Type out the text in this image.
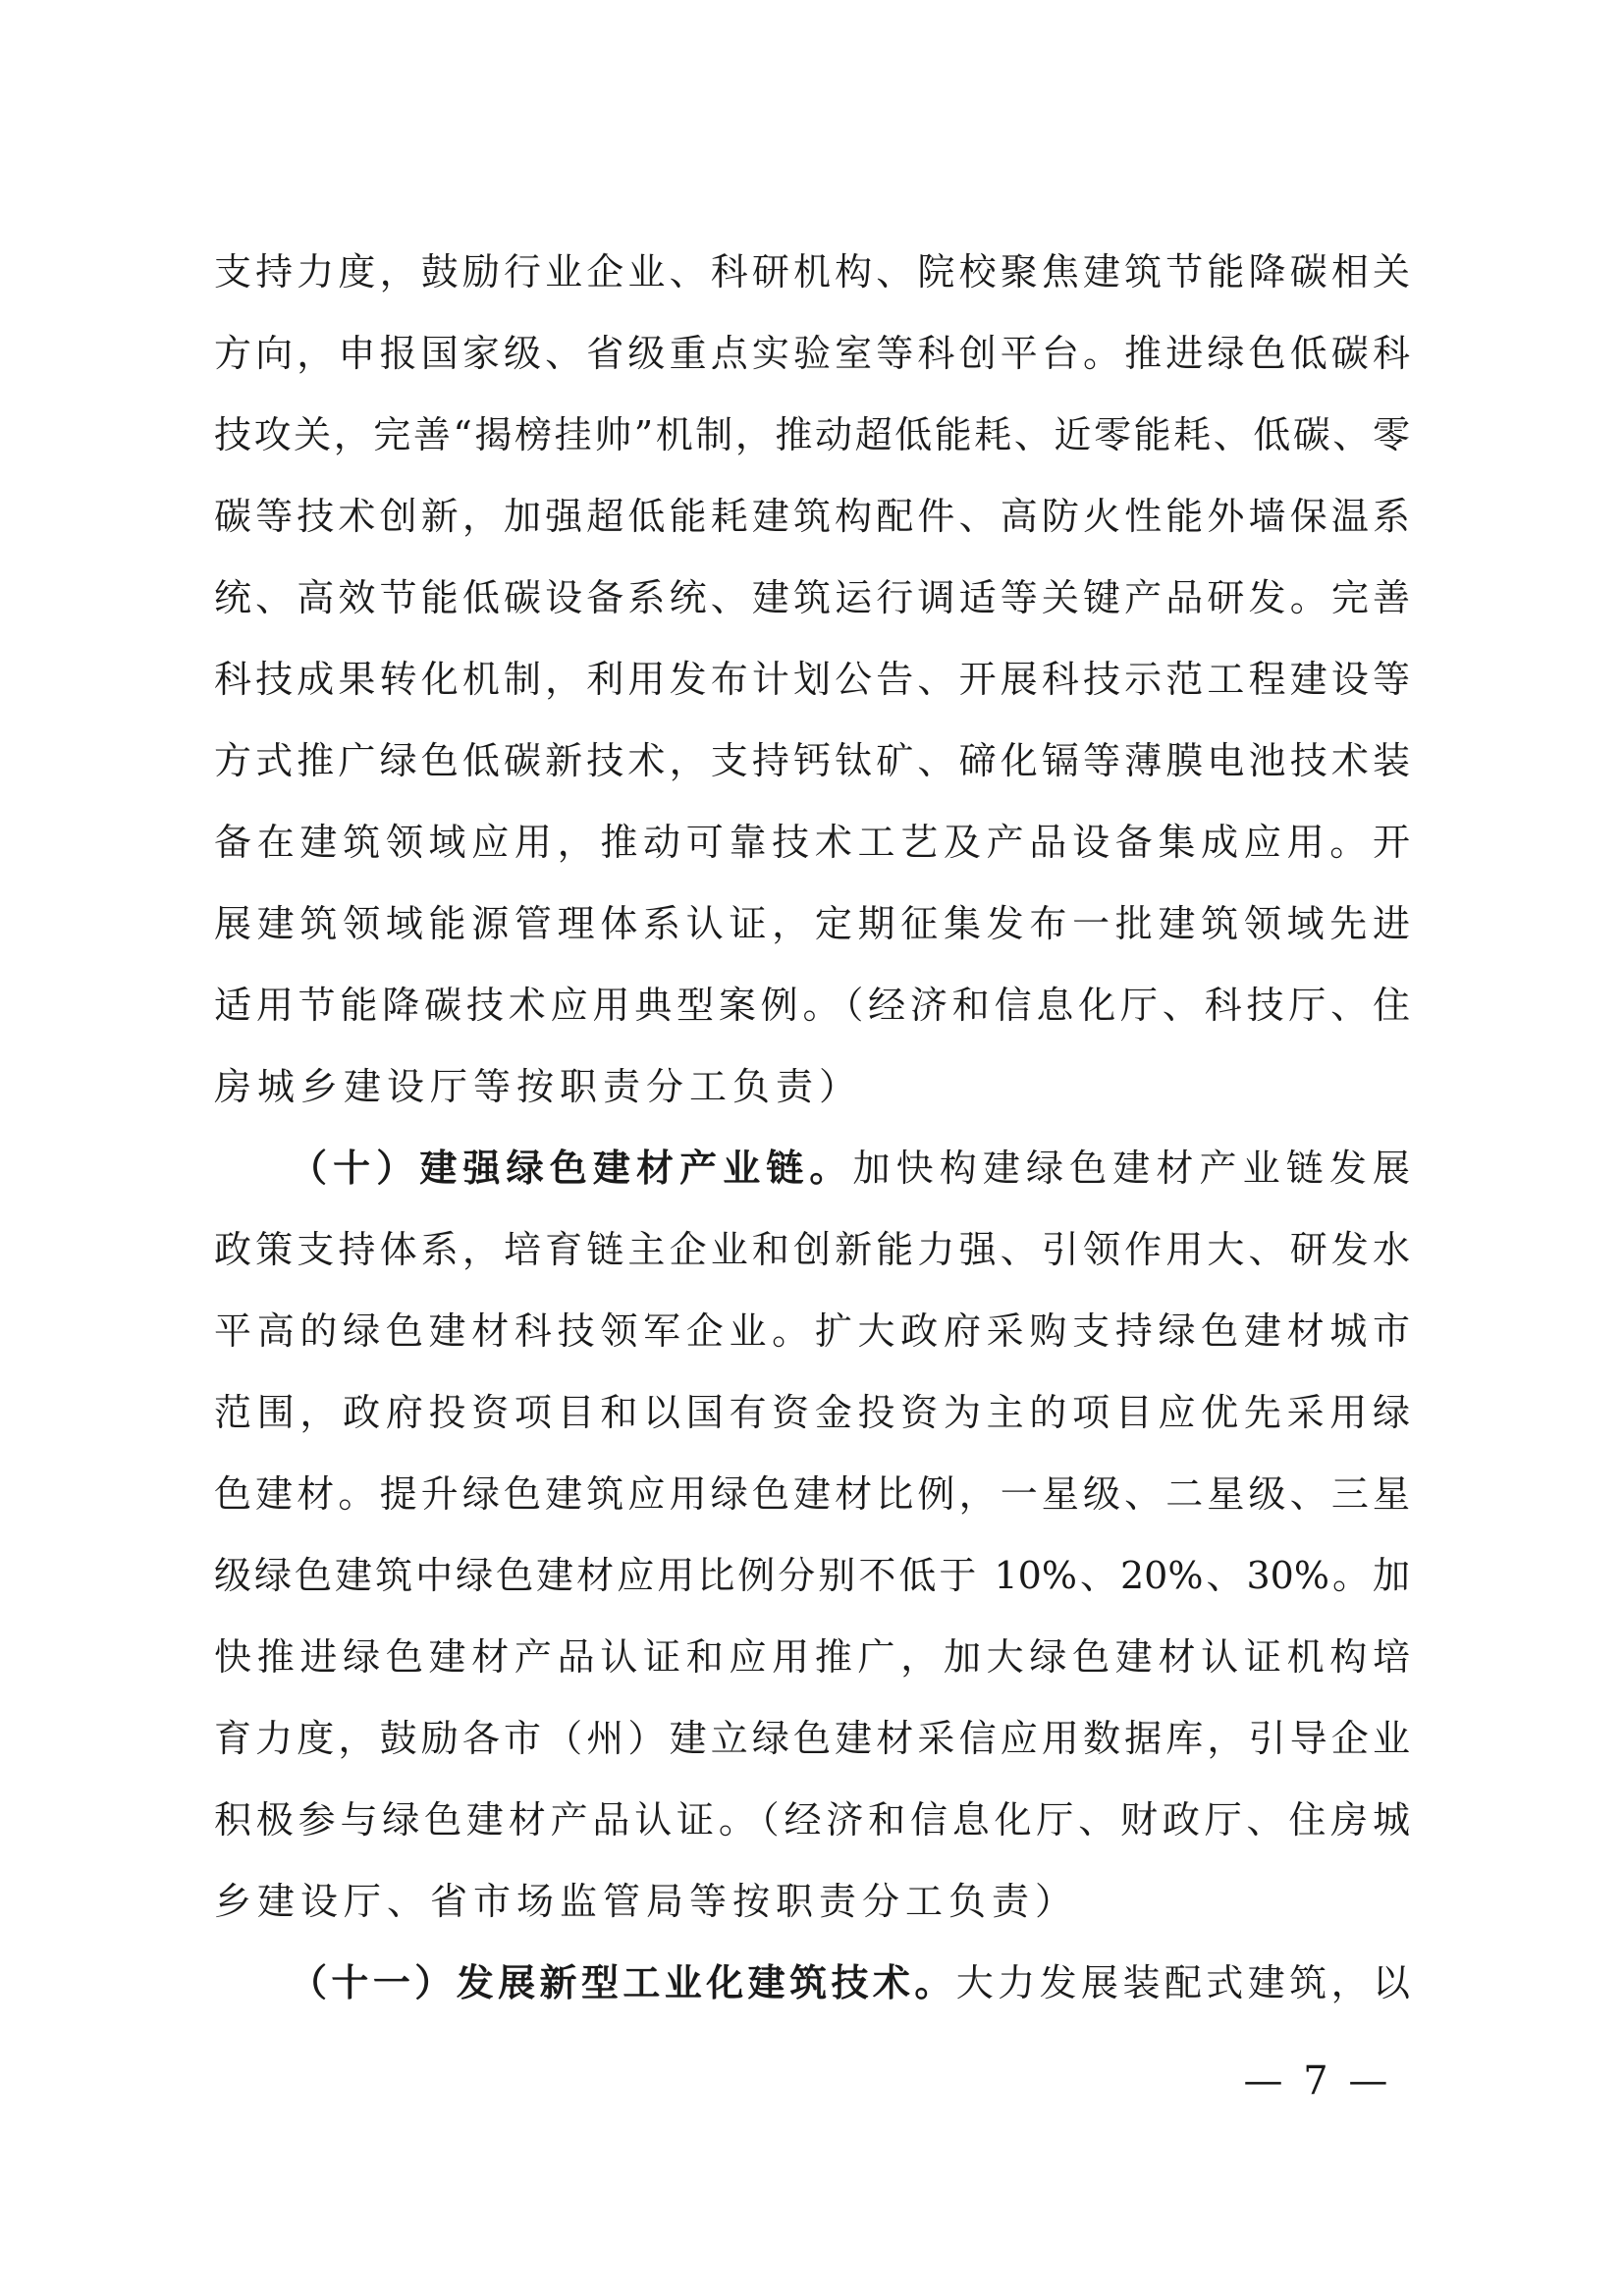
支持力度，鼓励行业企业、科研机构、院校聚焦建筑节能降碳相关
方向，申报国家级、省级重点实验室等科创平台。推进绿色低碳科
技攻关，完善“揭榜挂帅”机制，推动超低能耗、近零能耗、低碳、零
碳等技术创新，加强超低能耗建筑构配件、高防火性能外墙保温系
统、高效节能低碳设备系统、建筑运行调适等关键产品研发。完善
科技成果转化机制，利用发布计划公告、开展科技示范工程建设等
方式推广绿色低碳新技术，支持钙钛矿、碲化镉等薄膜电池技术装
备在建筑领域应用，推动可靠技术工艺及产品设备集成应用。开
展建筑领域能源管理体系认证，定期征集发布一批建筑领域先进
适用节能降碳技术应用典型案例。（经济和信息化厅、科技厅、住
房城乡建设厅等按职责分工负责）
（十）建强绿色建材产业链。加快构建绿色建材产业链发展
政策支持体系，培育链主企业和创新能力强、引领作用大、研发水
平高的绿色建材科技领军企业。扩大政府采购支持绿色建材城市
范围，政府投资项目和以国有资金投资为主的项目应优先采用绿
色建材。提升绿色建筑应用绿色建材比例，一星级、二星级、三星
级绿色建筑中绿色建材应用比例分别不低于 10%、20%、30%。加
快推进绿色建材产品认证和应用推广，加大绿色建材认证机构培
育力度，鼓励各市（州）建立绿色建材采信应用数据库，引导企业
积极参与绿色建材产品认证。（经济和信息化厅、财政厅、住房城
乡建设厅、省市场监管局等按职责分工负责）
（十一）发展新型工业化建筑技术。大力发展装配式建筑，以
— 7 —
